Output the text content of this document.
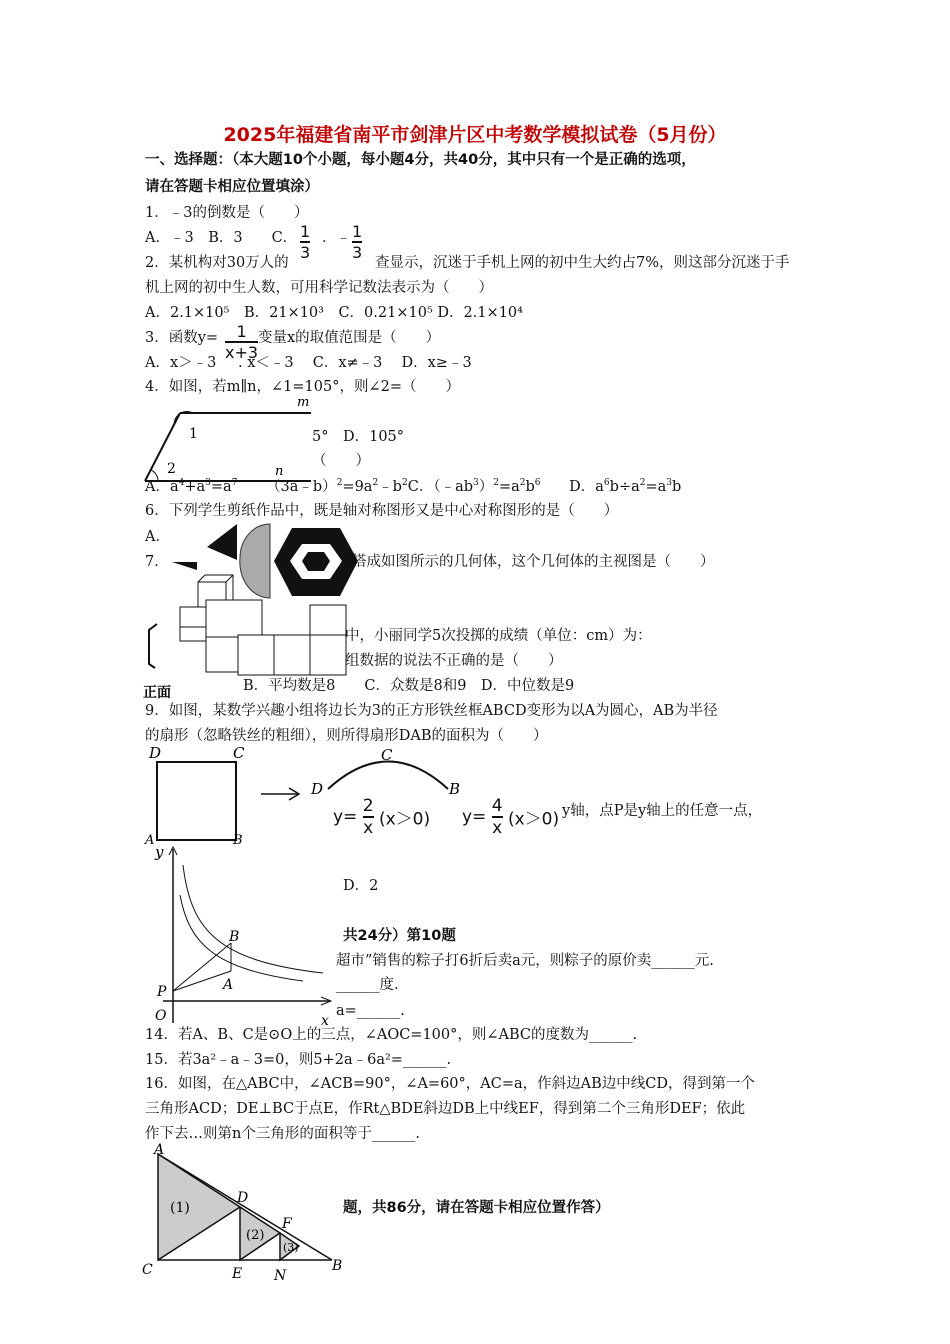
2025年福建省南平市剑津片区中考数学模拟试卷（5月份）
一、选择题：（本大题10个小题，每小题4分，共40分，其中只有一个是正确的选项，
请在答题卡相应位置填涂）
1．﹣3的倒数是（　　）
A．﹣3　B．3　　C． $\frac{1}{3}$ ．﹣ $\frac{1}{3}$
2．某机构对30万人的	查显示，沉迷于手机上网的初中生大约占7%，则这部分沉迷于手
机上网的初中生人数，可用科学记数法表示为（　　）
A．2.1×10⁵　B．21×10³　C．0.21×10⁵ D．2.1×10⁴
3．函数$y= \frac{1}{x+3}$ 变量x的取值范围是（　　）
A．x＞﹣3 . x＜﹣3　 C．x≠﹣3　 D．x≥﹣3
4．如图，若m∥n，∠1=105°，则∠2=（　　）
m
n
1
2
5°　D．105°
（　　）
A．$a^4+a^3=a^7$ $(3a﹣b)^2=9a^2﹣b^2C$．$(﹣ab^3)^2=a^2b^6$ D．$a^6b\div a^2=a^3b$
6．下列学生剪纸作品中，既是轴对称图形又是中心对称图形的是（　　）
A．
7．	搭成如图所示的几何体，这个几何体的主视图是（　　）
正面
中，小丽同学5次投掷的成绩（单位：cm）为：
组数据的说法不正确的是（　　）
B．平均数是8　　C．众数是8和9　D．中位数是9
9．如图，某数学兴趣小组将边长为3的正方形铁丝框ABCD变形为以A为圆心，AB为半径
的扇形（忽略铁丝的粗细），则所得扇形DAB的面积为（　　）
D	C
A	B
D
C
B
$y= \frac{2}{x} (x>0)$ $y= \frac{4}{x} (x>0)$ y轴，点P是y轴上的任意一点，
y
B
P	A
O	x
D．2
共24分）第10题
超市”销售的粽子打6折后卖a元，则粽子的原价卖______元.
______度.
a=______.
14．若A、B、C是⊙O上的三点，∠AOC=100°，则∠ABC的度数为______.
15．若3a²﹣a﹣3=0，则5+2a﹣6a²=______.
16．如图，在△ABC中，∠ACB=90°，∠A=60°，AC=a，作斜边AB边中线CD，得到第一个
三角形ACD；DE⊥BC于点E，作Rt△BDE斜边DB上中线EF，得到第二个三角形DEF；依此
作下去…则第n个三角形的面积等于______.
A
D
F
(1)
(2)
(3)
C	E N
B
题，共86分，请在答题卡相应位置作答）
